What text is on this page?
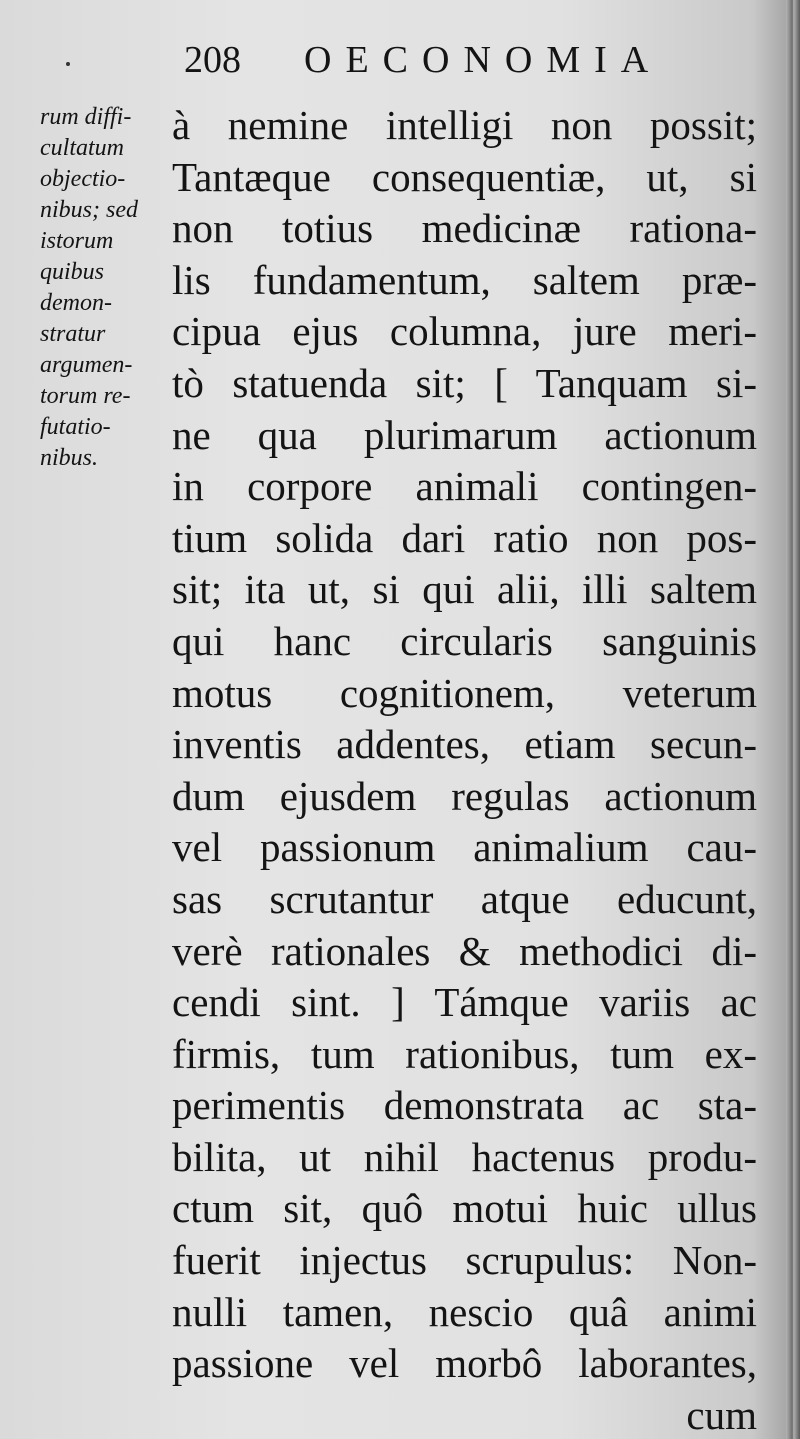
208	OECONOMIA
rum diffi-
cultatum
objectio-
nibus; sed
istorum
quibus
demon-
stratur
argumen-
torum re-
futatio-
nibus.
à nemine intelligi non possit;
Tantæque consequentiæ, ut, si
non totius medicinæ rationa-
lis fundamentum, saltem præ-
cipua ejus columna, jure meri-
tò statuenda sit; [ Tanquam si-
ne qua plurimarum actionum
in corpore animali contingen-
tium solida dari ratio non pos-
sit; ita ut, si qui alii, illi saltem
qui hanc circularis sanguinis
motus cognitionem, veterum
inventis addentes, etiam secun-
dum ejusdem regulas actionum
vel passionum animalium cau-
sas scrutantur atque educunt,
verè rationales & methodici di-
cendi sint. ] Támque variis ac
firmis, tum rationibus, tum ex-
perimentis demonstrata ac sta-
bilita, ut nihil hactenus produ-
ctum sit, quô motui huic ullus
fuerit injectus scrupulus: Non-
nulli tamen, nescio quâ animi
passione vel morbô laborantes,
cum
